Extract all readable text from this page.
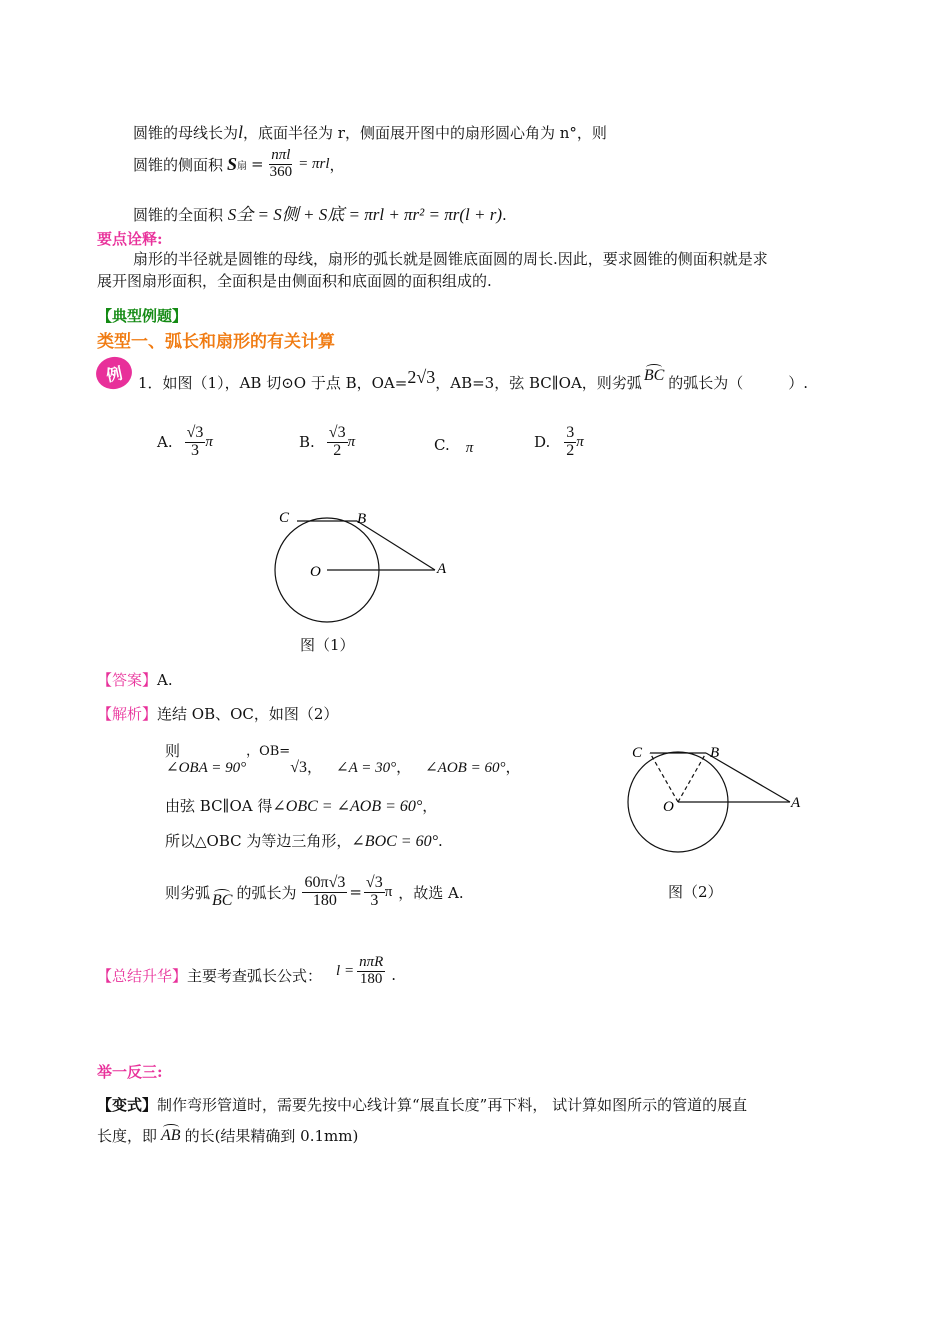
圆锥的母线长为l，底面半径为 r，侧面展开图中的扇形圆心角为 n°，则
圆锥的侧面积 S 扇 = $\frac{\text{nπl}}{360} = \pi rl$ ，
圆锥的全面积 S全 = S侧 + S底 = πrl + πr² = πr(l + r).
要点诠释:
扇形的半径就是圆锥的母线，扇形的弧长就是圆锥底面圆的周长.因此，要求圆锥的侧面积就是求
展开图扇形面积，全面积是由侧面积和底面圆的面积组成的.
【典型例题】
类型一、弧长和扇形的有关计算
例 1．如图（1），AB 切⊙O 于点 B，OA= 2√3 ，AB=3，弦 BC∥OA，则劣弧 BC 的弧长为（　　　）.
A. $\frac{√3}{3}$ π	B. $\frac{√3}{2}$ π	C. π	D. $\frac{3}{2}$ π
C	B
O	A
图（1）
【答案】A.
【解析】连结 OB、OC，如图（2）
则
∠OBA = 90°
，OB=
√3 ， ∠A = 30° ， ∠AOB = 60° ，
由弦 BC∥OA 得∠OBC = ∠AOB = 60°，
所以△OBC 为等边三角形，∠BOC = 60°.
则劣弧 BC 的弧长为 $\frac{60\pi√3}{180} = \frac{√3}{3}$ π ，故选 A.
C	B
O	A
图（2）
【总结升华】 主要考查弧长公式： $l = \frac{\text{nπR}}{180}$ .
举一反三:
【变式】制作弯形管道时，需要先按中心线计算“展直长度”再下料， 试计算如图所示的管道的展直
长度，即 AB 的长(结果精确到 0.1mm)
